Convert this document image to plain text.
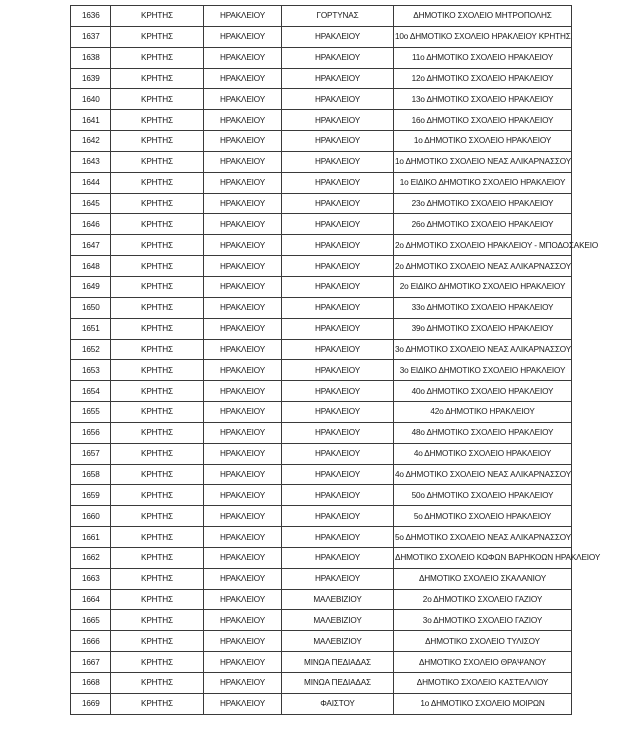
1636	ΚΡΗΤΗΣ	ΗΡΑΚΛΕΙΟΥ	ΓΟΡΤΥΝΑΣ	ΔΗΜΟΤΙΚΟ ΣΧΟΛΕΙΟ ΜΗΤΡΟΠΟΛΗΣ
1637	ΚΡΗΤΗΣ	ΗΡΑΚΛΕΙΟΥ	ΗΡΑΚΛΕΙΟΥ	10ο ΔΗΜΟΤΙΚΟ ΣΧΟΛΕΙΟ ΗΡΑΚΛΕΙΟΥ ΚΡΗΤΗΣ
1638	ΚΡΗΤΗΣ	ΗΡΑΚΛΕΙΟΥ	ΗΡΑΚΛΕΙΟΥ	11ο ΔΗΜΟΤΙΚΟ ΣΧΟΛΕΙΟ ΗΡΑΚΛΕΙΟΥ
1639	ΚΡΗΤΗΣ	ΗΡΑΚΛΕΙΟΥ	ΗΡΑΚΛΕΙΟΥ	12ο ΔΗΜΟΤΙΚΟ ΣΧΟΛΕΙΟ ΗΡΑΚΛΕΙΟΥ
1640	ΚΡΗΤΗΣ	ΗΡΑΚΛΕΙΟΥ	ΗΡΑΚΛΕΙΟΥ	13ο ΔΗΜΟΤΙΚΟ ΣΧΟΛΕΙΟ ΗΡΑΚΛΕΙΟΥ
1641	ΚΡΗΤΗΣ	ΗΡΑΚΛΕΙΟΥ	ΗΡΑΚΛΕΙΟΥ	16ο ΔΗΜΟΤΙΚΟ ΣΧΟΛΕΙΟ ΗΡΑΚΛΕΙΟΥ
1642	ΚΡΗΤΗΣ	ΗΡΑΚΛΕΙΟΥ	ΗΡΑΚΛΕΙΟΥ	1ο ΔΗΜΟΤΙΚΟ ΣΧΟΛΕΙΟ ΗΡΑΚΛΕΙΟΥ
1643	ΚΡΗΤΗΣ	ΗΡΑΚΛΕΙΟΥ	ΗΡΑΚΛΕΙΟΥ	1ο ΔΗΜΟΤΙΚΟ ΣΧΟΛΕΙΟ ΝΕΑΣ ΑΛΙΚΑΡΝΑΣΣΟΥ
1644	ΚΡΗΤΗΣ	ΗΡΑΚΛΕΙΟΥ	ΗΡΑΚΛΕΙΟΥ	1ο ΕΙΔΙΚΟ ΔΗΜΟΤΙΚΟ ΣΧΟΛΕΙΟ ΗΡΑΚΛΕΙΟΥ
1645	ΚΡΗΤΗΣ	ΗΡΑΚΛΕΙΟΥ	ΗΡΑΚΛΕΙΟΥ	23ο ΔΗΜΟΤΙΚΟ ΣΧΟΛΕΙΟ ΗΡΑΚΛΕΙΟΥ
1646	ΚΡΗΤΗΣ	ΗΡΑΚΛΕΙΟΥ	ΗΡΑΚΛΕΙΟΥ	26ο ΔΗΜΟΤΙΚΟ ΣΧΟΛΕΙΟ ΗΡΑΚΛΕΙΟΥ
1647	ΚΡΗΤΗΣ	ΗΡΑΚΛΕΙΟΥ	ΗΡΑΚΛΕΙΟΥ	2ο ΔΗΜΟΤΙΚΟ ΣΧΟΛΕΙΟ ΗΡΑΚΛΕΙΟΥ - ΜΠΟΔΟΣΑΚΕΙΟ
1648	ΚΡΗΤΗΣ	ΗΡΑΚΛΕΙΟΥ	ΗΡΑΚΛΕΙΟΥ	2ο ΔΗΜΟΤΙΚΟ ΣΧΟΛΕΙΟ ΝΕΑΣ ΑΛΙΚΑΡΝΑΣΣΟΥ
1649	ΚΡΗΤΗΣ	ΗΡΑΚΛΕΙΟΥ	ΗΡΑΚΛΕΙΟΥ	2ο ΕΙΔΙΚΟ ΔΗΜΟΤΙΚΟ ΣΧΟΛΕΙΟ ΗΡΑΚΛΕΙΟΥ
1650	ΚΡΗΤΗΣ	ΗΡΑΚΛΕΙΟΥ	ΗΡΑΚΛΕΙΟΥ	33ο ΔΗΜΟΤΙΚΟ ΣΧΟΛΕΙΟ ΗΡΑΚΛΕΙΟΥ
1651	ΚΡΗΤΗΣ	ΗΡΑΚΛΕΙΟΥ	ΗΡΑΚΛΕΙΟΥ	39ο ΔΗΜΟΤΙΚΟ ΣΧΟΛΕΙΟ ΗΡΑΚΛΕΙΟΥ
1652	ΚΡΗΤΗΣ	ΗΡΑΚΛΕΙΟΥ	ΗΡΑΚΛΕΙΟΥ	3ο ΔΗΜΟΤΙΚΟ ΣΧΟΛΕΙΟ ΝΕΑΣ ΑΛΙΚΑΡΝΑΣΣΟΥ
1653	ΚΡΗΤΗΣ	ΗΡΑΚΛΕΙΟΥ	ΗΡΑΚΛΕΙΟΥ	3ο ΕΙΔΙΚΟ ΔΗΜΟΤΙΚΟ ΣΧΟΛΕΙΟ ΗΡΑΚΛΕΙΟΥ
1654	ΚΡΗΤΗΣ	ΗΡΑΚΛΕΙΟΥ	ΗΡΑΚΛΕΙΟΥ	40ο ΔΗΜΟΤΙΚΟ ΣΧΟΛΕΙΟ ΗΡΑΚΛΕΙΟΥ
1655	ΚΡΗΤΗΣ	ΗΡΑΚΛΕΙΟΥ	ΗΡΑΚΛΕΙΟΥ	42ο ΔΗΜΟΤΙΚΟ ΗΡΑΚΛΕΙΟΥ
1656	ΚΡΗΤΗΣ	ΗΡΑΚΛΕΙΟΥ	ΗΡΑΚΛΕΙΟΥ	48ο ΔΗΜΟΤΙΚΟ ΣΧΟΛΕΙΟ ΗΡΑΚΛΕΙΟΥ
1657	ΚΡΗΤΗΣ	ΗΡΑΚΛΕΙΟΥ	ΗΡΑΚΛΕΙΟΥ	4ο ΔΗΜΟΤΙΚΟ ΣΧΟΛΕΙΟ ΗΡΑΚΛΕΙΟΥ
1658	ΚΡΗΤΗΣ	ΗΡΑΚΛΕΙΟΥ	ΗΡΑΚΛΕΙΟΥ	4ο ΔΗΜΟΤΙΚΟ ΣΧΟΛΕΙΟ ΝΕΑΣ ΑΛΙΚΑΡΝΑΣΣΟΥ
1659	ΚΡΗΤΗΣ	ΗΡΑΚΛΕΙΟΥ	ΗΡΑΚΛΕΙΟΥ	50ο ΔΗΜΟΤΙΚΟ ΣΧΟΛΕΙΟ ΗΡΑΚΛΕΙΟΥ
1660	ΚΡΗΤΗΣ	ΗΡΑΚΛΕΙΟΥ	ΗΡΑΚΛΕΙΟΥ	5ο ΔΗΜΟΤΙΚΟ ΣΧΟΛΕΙΟ ΗΡΑΚΛΕΙΟΥ
1661	ΚΡΗΤΗΣ	ΗΡΑΚΛΕΙΟΥ	ΗΡΑΚΛΕΙΟΥ	5ο ΔΗΜΟΤΙΚΟ ΣΧΟΛΕΙΟ ΝΕΑΣ ΑΛΙΚΑΡΝΑΣΣΟΥ
1662	ΚΡΗΤΗΣ	ΗΡΑΚΛΕΙΟΥ	ΗΡΑΚΛΕΙΟΥ	ΔΗΜΟΤΙΚΟ ΣΧΟΛΕΙΟ ΚΩΦΩΝ ΒΑΡΗΚΟΩΝ ΗΡΑΚΛΕΙΟΥ
1663	ΚΡΗΤΗΣ	ΗΡΑΚΛΕΙΟΥ	ΗΡΑΚΛΕΙΟΥ	ΔΗΜΟΤΙΚΟ ΣΧΟΛΕΙΟ ΣΚΑΛΑΝΙΟΥ
1664	ΚΡΗΤΗΣ	ΗΡΑΚΛΕΙΟΥ	ΜΑΛΕΒΙΖΙΟΥ	2ο ΔΗΜΟΤΙΚΟ ΣΧΟΛΕΙΟ ΓΑΖΙΟΥ
1665	ΚΡΗΤΗΣ	ΗΡΑΚΛΕΙΟΥ	ΜΑΛΕΒΙΖΙΟΥ	3ο ΔΗΜΟΤΙΚΟ ΣΧΟΛΕΙΟ ΓΑΖΙΟΥ
1666	ΚΡΗΤΗΣ	ΗΡΑΚΛΕΙΟΥ	ΜΑΛΕΒΙΖΙΟΥ	ΔΗΜΟΤΙΚΟ ΣΧΟΛΕΙΟ ΤΥΛΙΣΟΥ
1667	ΚΡΗΤΗΣ	ΗΡΑΚΛΕΙΟΥ	ΜΙΝΩΑ ΠΕΔΙΑΔΑΣ	ΔΗΜΟΤΙΚΟ ΣΧΟΛΕΙΟ ΘΡΑΨΑΝΟΥ
1668	ΚΡΗΤΗΣ	ΗΡΑΚΛΕΙΟΥ	ΜΙΝΩΑ ΠΕΔΙΑΔΑΣ	ΔΗΜΟΤΙΚΟ ΣΧΟΛΕΙΟ ΚΑΣΤΕΛΛΙΟΥ
1669	ΚΡΗΤΗΣ	ΗΡΑΚΛΕΙΟΥ	ΦΑΙΣΤΟΥ	1ο ΔΗΜΟΤΙΚΟ ΣΧΟΛΕΙΟ ΜΟΙΡΩΝ
